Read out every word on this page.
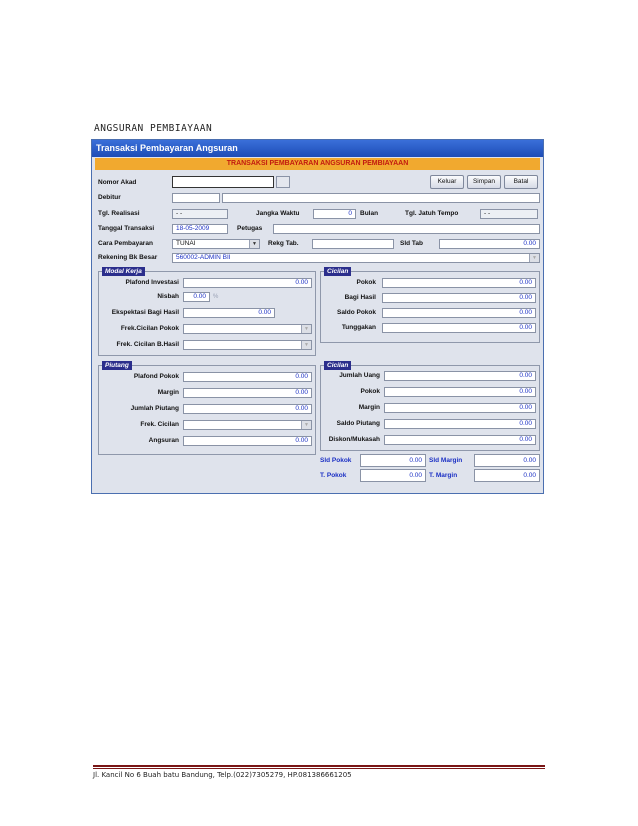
ANGSURAN PEMBIAYAAN
Transaksi Pembayaran Angsuran
TRANSAKSI PEMBAYARAN ANGSURAN PEMBIAYAAN
Nomor Akad	Keluar	Simpan	Batal
Debitur
Tgl. Realisasi	- -	Jangka Waktu	0	Bulan	Tgl. Jatuh Tempo	- -
Tanggal Transaksi	18-05-2009	Petugas
Cara Pembayaran	TUNAI	▼	Rekg Tab.	Sld Tab	0.00
Rekening Bk Besar	560002-ADMIN BII	▼
Modal Kerja
Plafond Investasi	0.00
Nisbah	0.00	%
Ekspektasi Bagi Hasil	0.00
Frek.Cicilan Pokok	▼
Frek. Cicilan B.Hasil	▼
Cicilan
Pokok	0.00
Bagi Hasil	0.00
Saldo Pokok	0.00
Tunggakan	0.00
Piutang
Plafond Pokok	0.00
Margin	0.00
Jumlah Piutang	0.00
Frek. Cicilan	▼
Angsuran	0.00
Cicilan
Jumlah Uang	0.00
Pokok	0.00
Margin	0.00
Saldo Piutang	0.00
Diskon/Mukasah	0.00
Sld Pokok	0.00	Sld Margin	0.00
T. Pokok	0.00	T. Margin	0.00
Jl. Kancil No 6 Buah batu Bandung, Telp.(022)7305279, HP.081386661205
